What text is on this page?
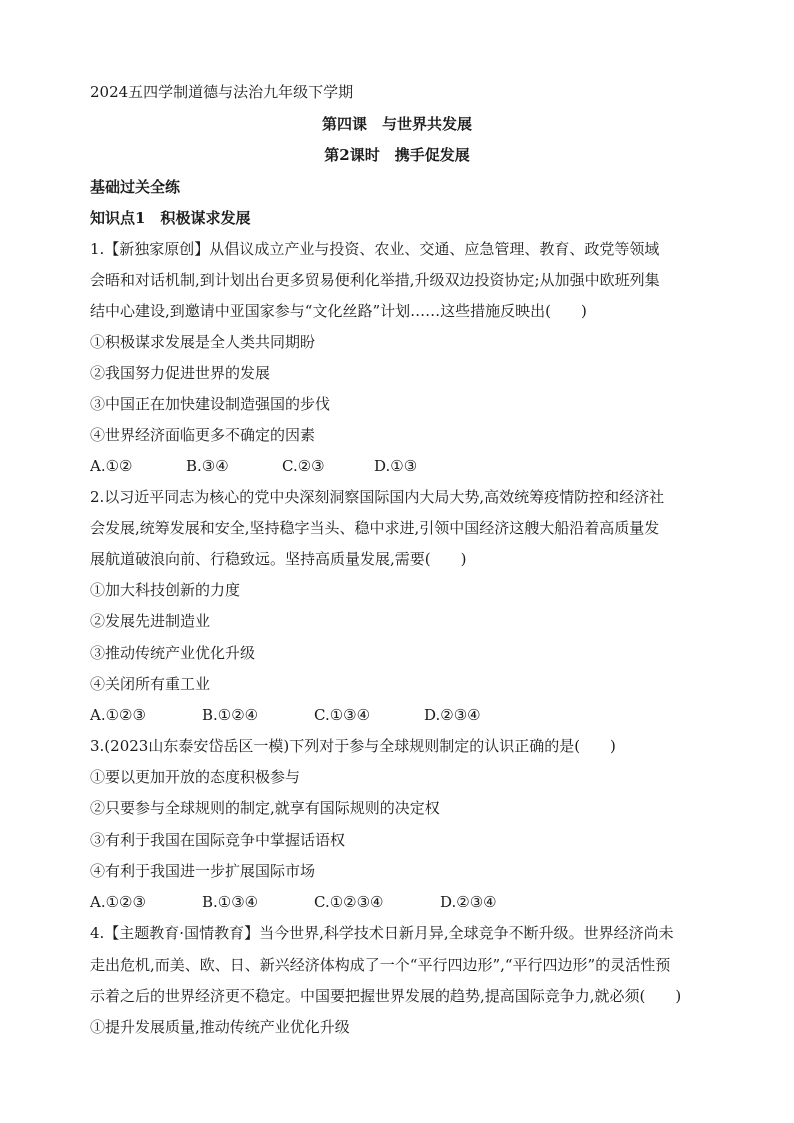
2024五四学制道德与法治九年级下学期
第四课　与世界共发展
第2课时　携手促发展
基础过关全练
知识点1　积极谋求发展
1.【新独家原创】从倡议成立产业与投资、农业、交通、应急管理、教育、政党等领域
会晤和对话机制,到计划出台更多贸易便利化举措,升级双边投资协定;从加强中欧班列集
结中心建设,到邀请中亚国家参与“文化丝路”计划……这些措施反映出(　　)
①积极谋求发展是全人类共同期盼
②我国努力促进世界的发展
③中国正在加快建设制造强国的步伐
④世界经济面临更多不确定的因素
A.①②	B.③④	C.②③	D.①③
2.以习近平同志为核心的党中央深刻洞察国际国内大局大势,高效统筹疫情防控和经济社
会发展,统筹发展和安全,坚持稳字当头、稳中求进,引领中国经济这艘大船沿着高质量发
展航道破浪向前、行稳致远。坚持高质量发展,需要(　　)
①加大科技创新的力度
②发展先进制造业
③推动传统产业优化升级
④关闭所有重工业
A.①②③	B.①②④	C.①③④	D.②③④
3.(2023山东泰安岱岳区一模)下列对于参与全球规则制定的认识正确的是(　　)
①要以更加开放的态度积极参与
②只要参与全球规则的制定,就享有国际规则的决定权
③有利于我国在国际竞争中掌握话语权
④有利于我国进一步扩展国际市场
A.①②③	B.①③④	C.①②③④	D.②③④
4.【主题教育·国情教育】当今世界,科学技术日新月异,全球竞争不断升级。世界经济尚未
走出危机,而美、欧、日、新兴经济体构成了一个“平行四边形”,“平行四边形”的灵活性预
示着之后的世界经济更不稳定。中国要把握世界发展的趋势,提高国际竞争力,就必须(　　)
①提升发展质量,推动传统产业优化升级
